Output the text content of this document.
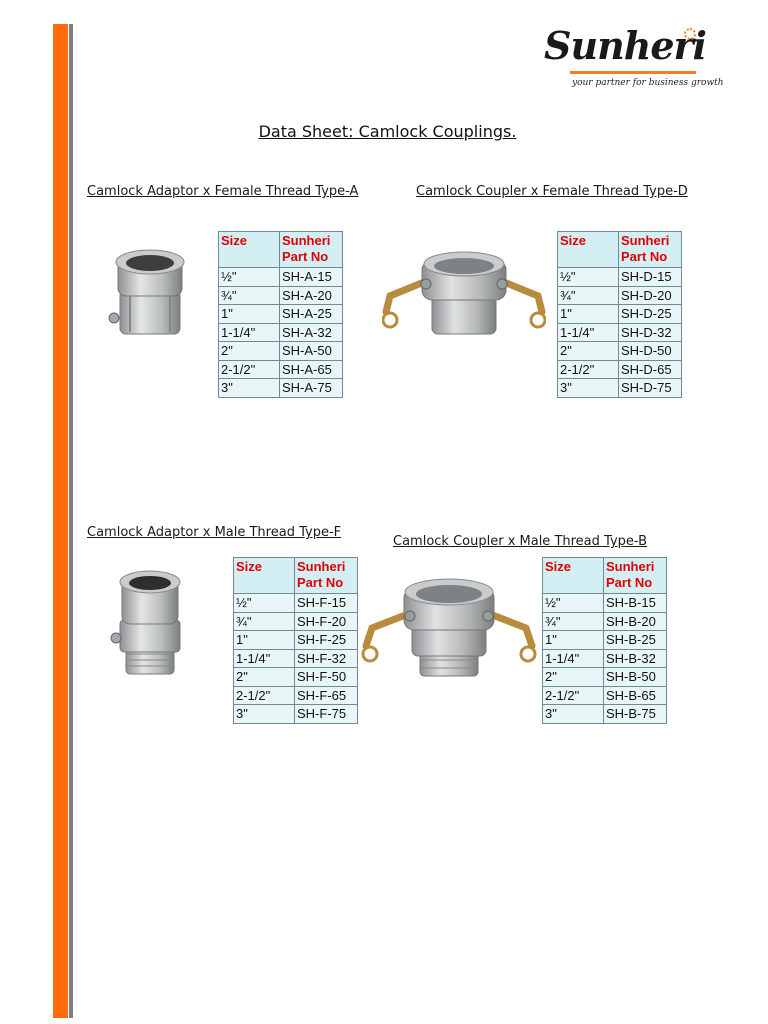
Sunheri
your partner for business growth
Data Sheet: Camlock Couplings.
Camlock Adaptor x Female Thread Type-A
Size	Sunheri Part No
½"	SH-A-15
¾"	SH-A-20
1"	SH-A-25
1-1/4"	SH-A-32
2"	SH-A-50
2-1/2"	SH-A-65
3"	SH-A-75
Camlock Coupler x Female Thread Type-D
Size	Sunheri Part No
½"	SH-D-15
¾"	SH-D-20
1"	SH-D-25
1-1/4"	SH-D-32
2"	SH-D-50
2-1/2"	SH-D-65
3"	SH-D-75
Camlock Adaptor x Male Thread Type-F
Size	Sunheri Part No
½"	SH-F-15
¾"	SH-F-20
1"	SH-F-25
1-1/4"	SH-F-32
2"	SH-F-50
2-1/2"	SH-F-65
3"	SH-F-75
Camlock Coupler x Male Thread Type-B
Size	Sunheri Part No
½"	SH-B-15
¾"	SH-B-20
1"	SH-B-25
1-1/4"	SH-B-32
2"	SH-B-50
2-1/2"	SH-B-65
3"	SH-B-75
